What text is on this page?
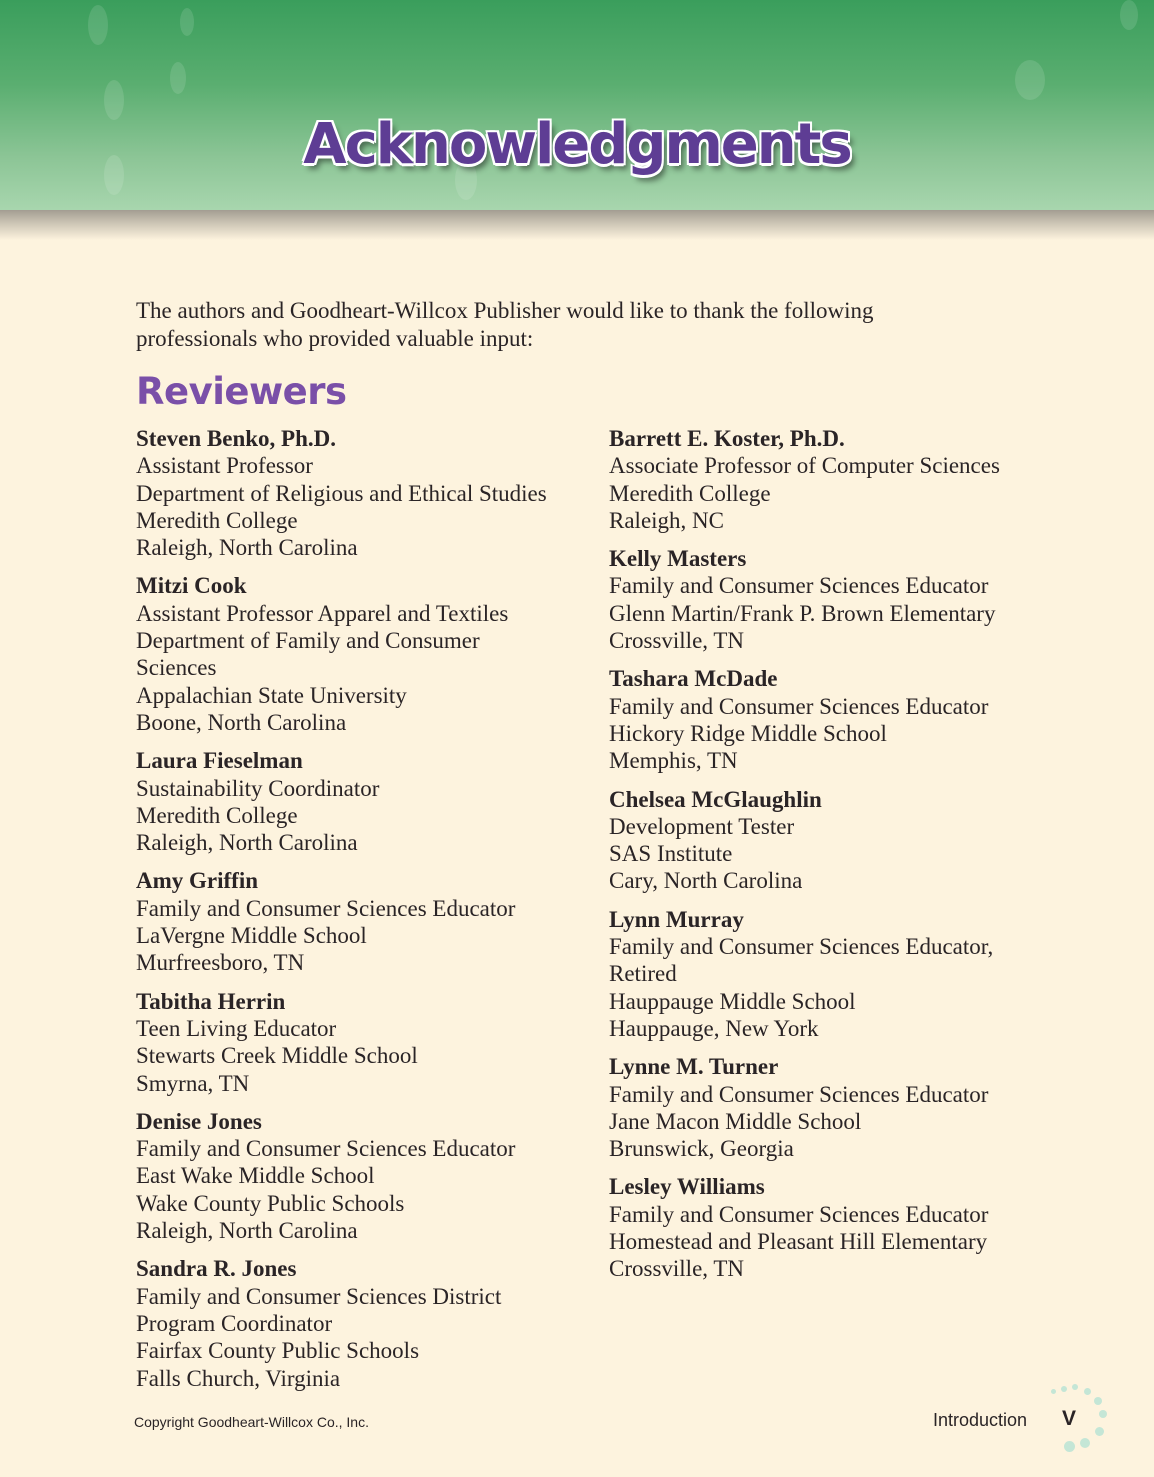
Acknowledgments
The authors and Goodheart-Willcox Publisher would like to thank the following professionals who provided valuable input:
Reviewers
Steven Benko, Ph.D.
Assistant Professor
Department of Religious and Ethical Studies
Meredith College
Raleigh, North Carolina
Mitzi Cook
Assistant Professor Apparel and Textiles
Department of Family and Consumer
Sciences
Appalachian State University
Boone, North Carolina
Laura Fieselman
Sustainability Coordinator
Meredith College
Raleigh, North Carolina
Amy Griffin
Family and Consumer Sciences Educator
LaVergne Middle School
Murfreesboro, TN
Tabitha Herrin
Teen Living Educator
Stewarts Creek Middle School
Smyrna, TN
Denise Jones
Family and Consumer Sciences Educator
East Wake Middle School
Wake County Public Schools
Raleigh, North Carolina
Sandra R. Jones
Family and Consumer Sciences District
Program Coordinator
Fairfax County Public Schools
Falls Church, Virginia
Barrett E. Koster, Ph.D.
Associate Professor of Computer Sciences
Meredith College
Raleigh, NC
Kelly Masters
Family and Consumer Sciences Educator
Glenn Martin/Frank P. Brown Elementary
Crossville, TN
Tashara McDade
Family and Consumer Sciences Educator
Hickory Ridge Middle School
Memphis, TN
Chelsea McGlaughlin
Development Tester
SAS Institute
Cary, North Carolina
Lynn Murray
Family and Consumer Sciences Educator,
Retired
Hauppauge Middle School
Hauppauge, New York
Lynne M. Turner
Family and Consumer Sciences Educator
Jane Macon Middle School
Brunswick, Georgia
Lesley Williams
Family and Consumer Sciences Educator
Homestead and Pleasant Hill Elementary
Crossville, TN
Copyright Goodheart-Willcox Co., Inc.	Introduction V
